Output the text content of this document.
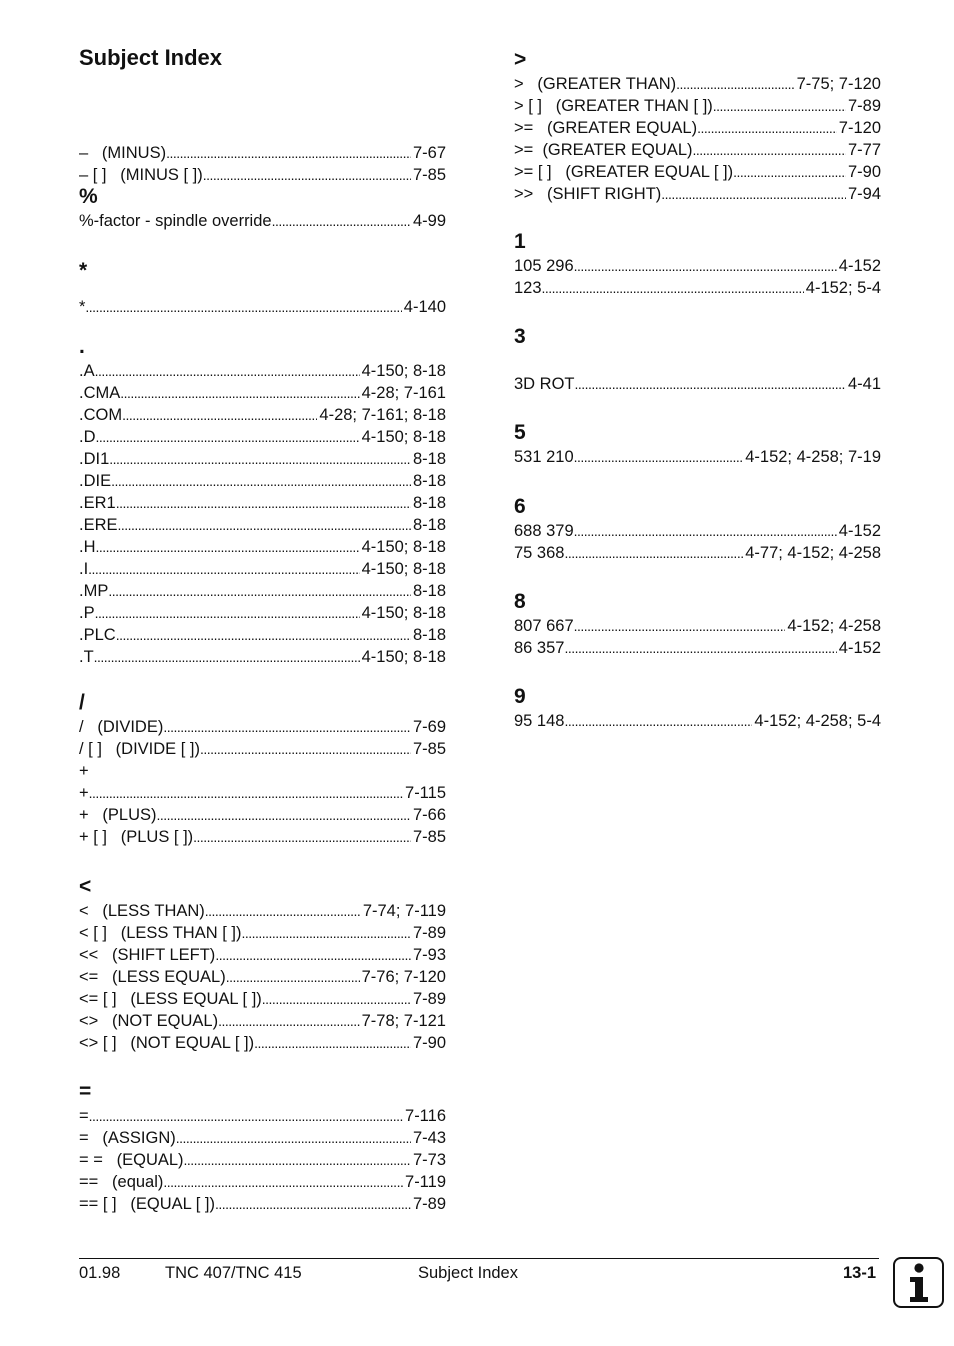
Subject Index
–   (MINUS) . . .	7-67
– [ ]   (MINUS [ ]) . . .	7-85
%
%-factor - spindle override . . .	4-99
*
* . . .	4-140
.
.A . . .	4-150; 8-18
.CMA . . .	4-28; 7-161
.COM . . .	4-28; 7-161; 8-18
.D . . .	4-150; 8-18
.DI1 . . .	8-18
.DIE . . .	8-18
.ER1 . . .	8-18
.ERE . . .	8-18
.H . . .	4-150; 8-18
.I . . .	4-150; 8-18
.MP . . .	8-18
.P . . .	4-150; 8-18
.PLC . . .	8-18
.T . . .	4-150; 8-18
/
/   (DIVIDE) . . .	7-69
/ [ ]   (DIVIDE [ ]) . . .	7-85
+
+ . . .	7-115
+   (PLUS) . . .	7-66
+ [ ]   (PLUS [ ]) . . .	7-85
<
<   (LESS THAN) . . .	7-74; 7-119
< [ ]   (LESS THAN [ ]) . . .	7-89
<<   (SHIFT LEFT) . . .	7-93
<=   (LESS EQUAL) . . .	7-76; 7-120
<= [ ]   (LESS EQUAL [ ]) . . .	7-89
<>   (NOT EQUAL) . . .	7-78; 7-121
<> [ ]   (NOT EQUAL [ ]) . . .	7-90
=
= . . .	7-116
=   (ASSIGN) . . .	7-43
= =   (EQUAL) . . .	7-73
==   (equal) . . .	7-119
== [ ]   (EQUAL [ ]) . . .	7-89
>
>   (GREATER THAN) . . .	7-75; 7-120
> [ ]   (GREATER THAN [ ]) . . .	7-89
>=   (GREATER EQUAL) . . .	7-120
>=  (GREATER EQUAL) . . .	7-77
>= [ ]   (GREATER EQUAL [ ]) . . .	7-90
>>   (SHIFT RIGHT) . . .	7-94
1
105 296 . . .	4-152
123 . . .	4-152; 5-4
3
3D ROT . . .	4-41
5
531 210 . . .	4-152; 4-258; 7-19
6
688 379 . . .	4-152
75 368 . . .	4-77; 4-152; 4-258
8
807 667 . . .	4-152; 4-258
86 357 . . .	4-152
9
95 148 . . .	4-152; 4-258; 5-4
01.98	TNC 407/TNC 415	Subject Index	13-1
